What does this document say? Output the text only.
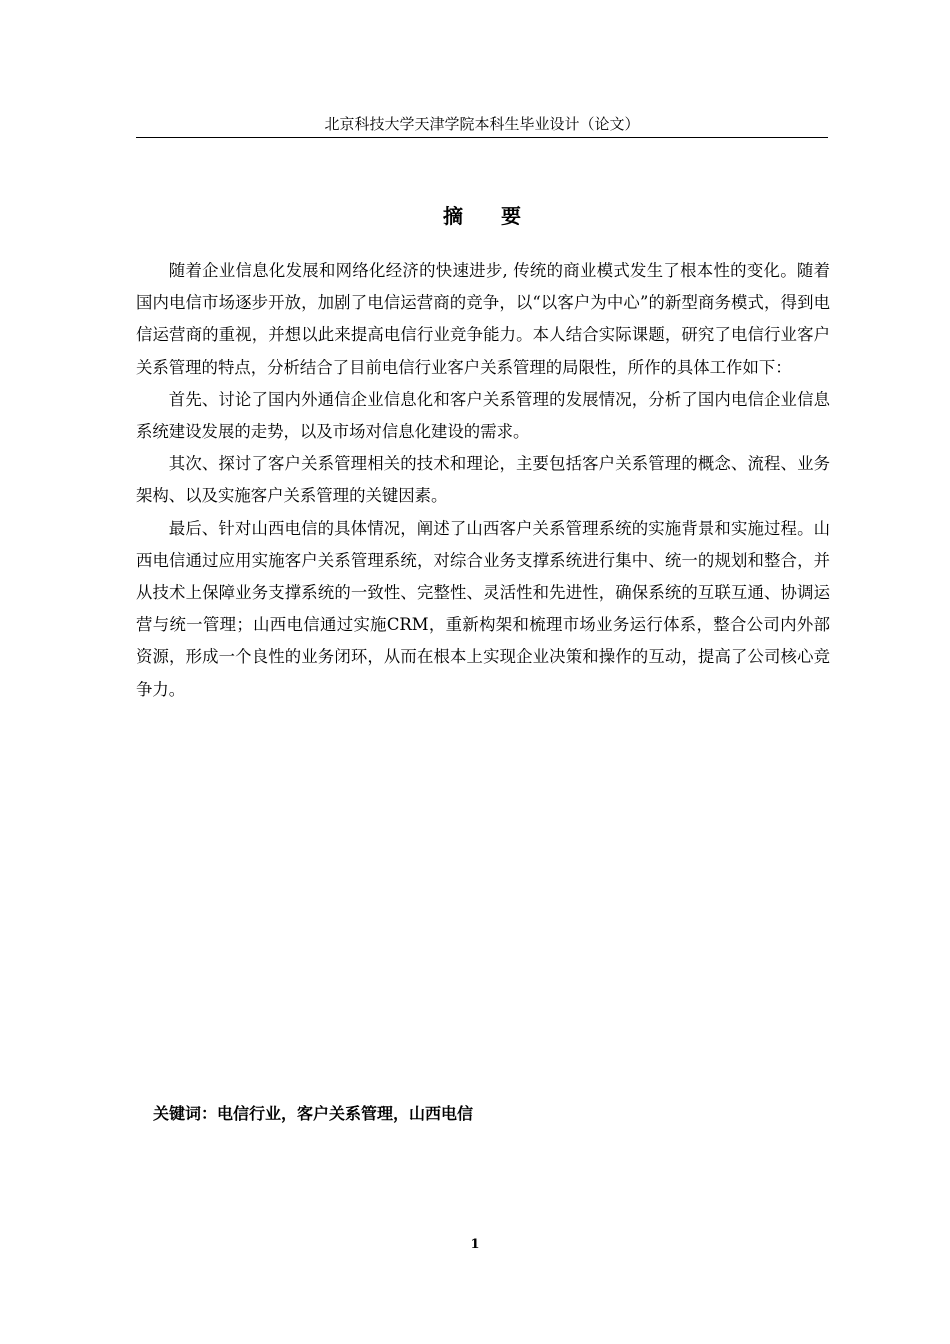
北京科技大学天津学院本科生毕业设计（论文）
摘要

随着企业信息化发展和网络化经济的快速进步, 传统的商业模式发生了根本性的变化。随着国内电信市场逐步开放，加剧了电信运营商的竞争，以“以客户为中心”的新型商务模式，得到电信运营商的重视，并想以此来提高电信行业竞争能力。本人结合实际课题，研究了电信行业客户关系管理的特点，分析结合了目前电信行业客户关系管理的局限性，所作的具体工作如下：

首先、讨论了国内外通信企业信息化和客户关系管理的发展情况，分析了国内电信企业信息系统建设发展的走势，以及市场对信息化建设的需求。

其次、探讨了客户关系管理相关的技术和理论，主要包括客户关系管理的概念、流程、业务架构、以及实施客户关系管理的关键因素。

最后、针对山西电信的具体情况，阐述了山西客户关系管理系统的实施背景和实施过程。山西电信通过应用实施客户关系管理系统，对综合业务支撑系统进行集中、统一的规划和整合，并从技术上保障业务支撑系统的一致性、完整性、灵活性和先进性，确保系统的互联互通、协调运营与统一管理；山西电信通过实施CRM，重新构架和梳理市场业务运行体系，整合公司内外部资源，形成一个良性的业务闭环，从而在根本上实现企业决策和操作的互动，提高了公司核心竞争力。

关键词：电信行业，客户关系管理，山西电信
1
